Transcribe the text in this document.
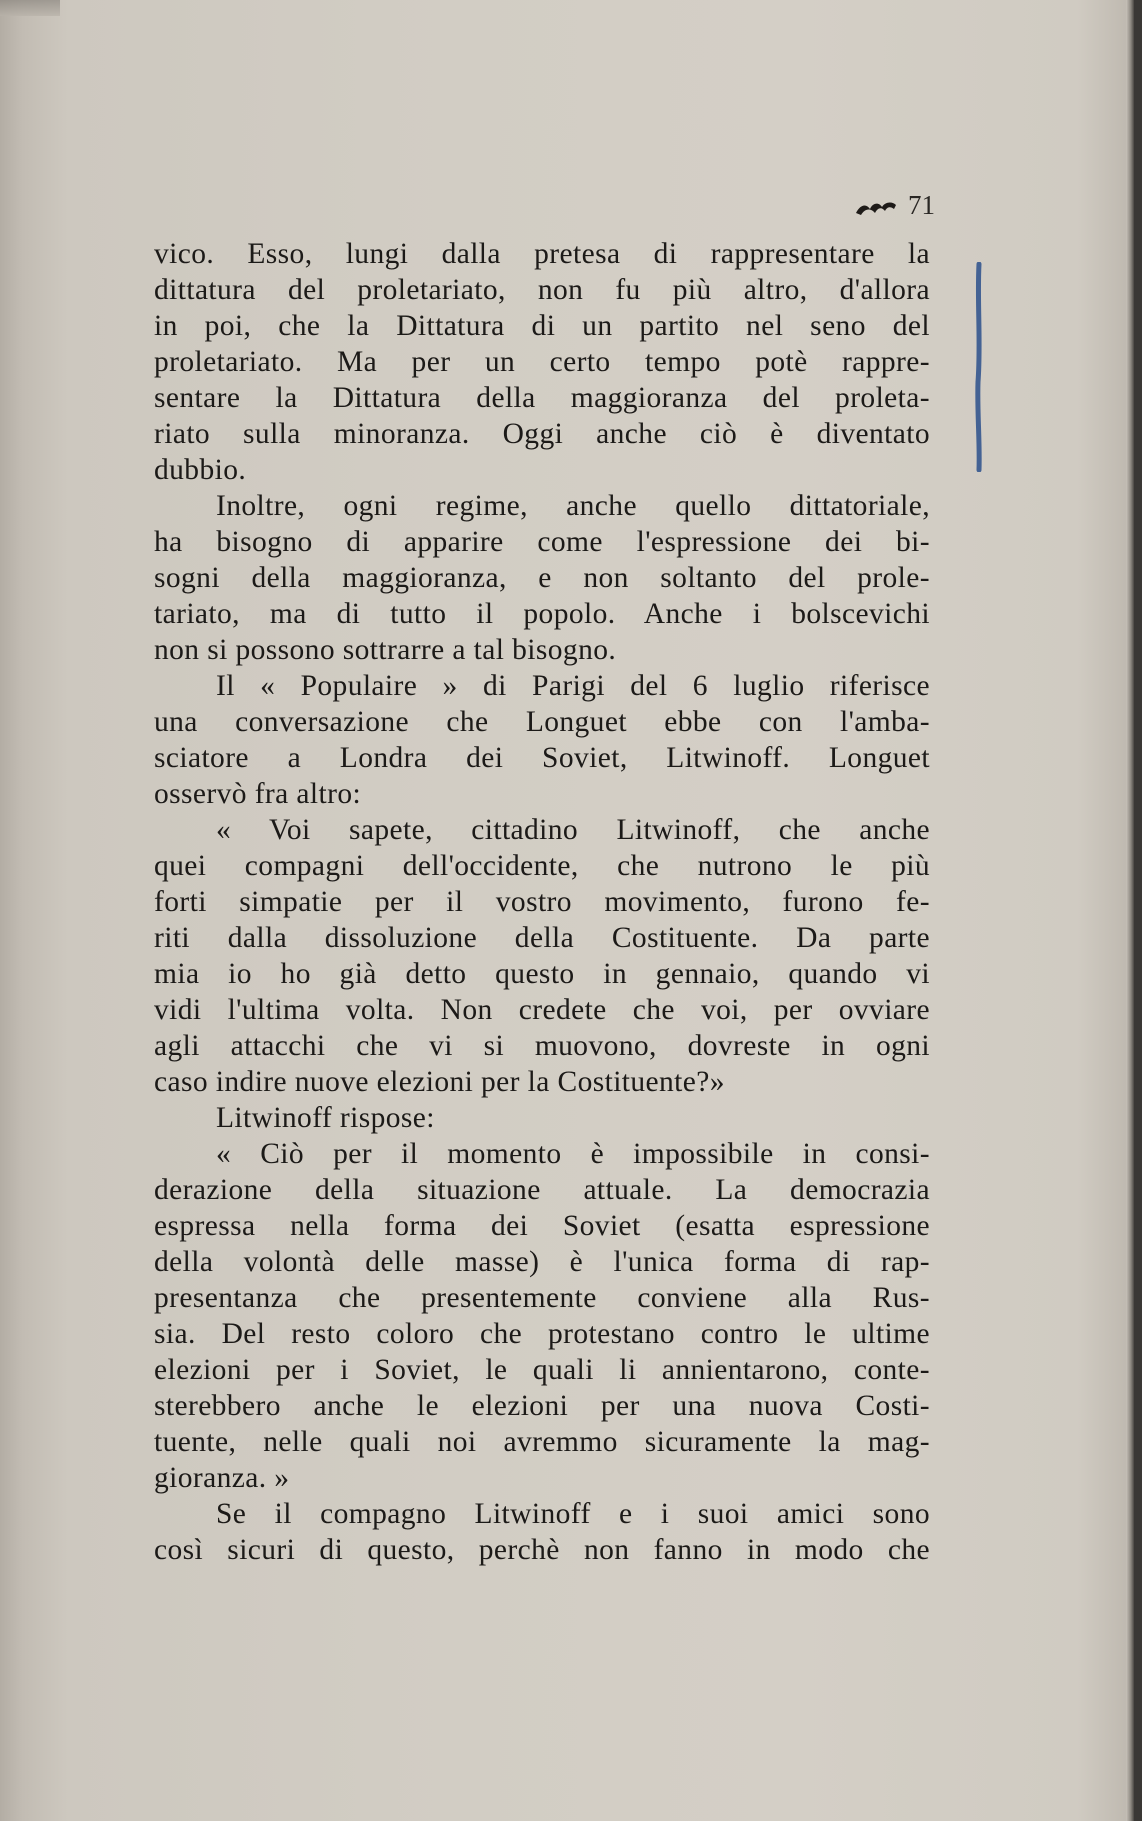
71
vico. Esso, lungi dalla pretesa di rappresentare la
dittatura del proletariato, non fu più altro, d'allora
in poi, che la Dittatura di un partito nel seno del
proletariato. Ma per un certo tempo potè rappre-
sentare la Dittatura della maggioranza del proleta-
riato sulla minoranza. Oggi anche ciò è diventato
dubbio.
Inoltre, ogni regime, anche quello dittatoriale,
ha bisogno di apparire come l'espressione dei bi-
sogni della maggioranza, e non soltanto del prole-
tariato, ma di tutto il popolo. Anche i bolscevichi
non si possono sottrarre a tal bisogno.
Il « Populaire » di Parigi del 6 luglio riferisce
una conversazione che Longuet ebbe con l'amba-
sciatore a Londra dei Soviet, Litwinoff. Longuet
osservò fra altro:
« Voi sapete, cittadino Litwinoff, che anche
quei compagni dell'occidente, che nutrono le più
forti simpatie per il vostro movimento, furono fe-
riti dalla dissoluzione della Costituente. Da parte
mia io ho già detto questo in gennaio, quando vi
vidi l'ultima volta. Non credete che voi, per ovviare
agli attacchi che vi si muovono, dovreste in ogni
caso indire nuove elezioni per la Costituente?»
Litwinoff rispose:
« Ciò per il momento è impossibile in consi-
derazione della situazione attuale. La democrazia
espressa nella forma dei Soviet (esatta espressione
della volontà delle masse) è l'unica forma di rap-
presentanza che presentemente conviene alla Rus-
sia. Del resto coloro che protestano contro le ultime
elezioni per i Soviet, le quali li annientarono, conte-
sterebbero anche le elezioni per una nuova Costi-
tuente, nelle quali noi avremmo sicuramente la mag-
gioranza. »
Se il compagno Litwinoff e i suoi amici sono
così sicuri di questo, perchè non fanno in modo che
